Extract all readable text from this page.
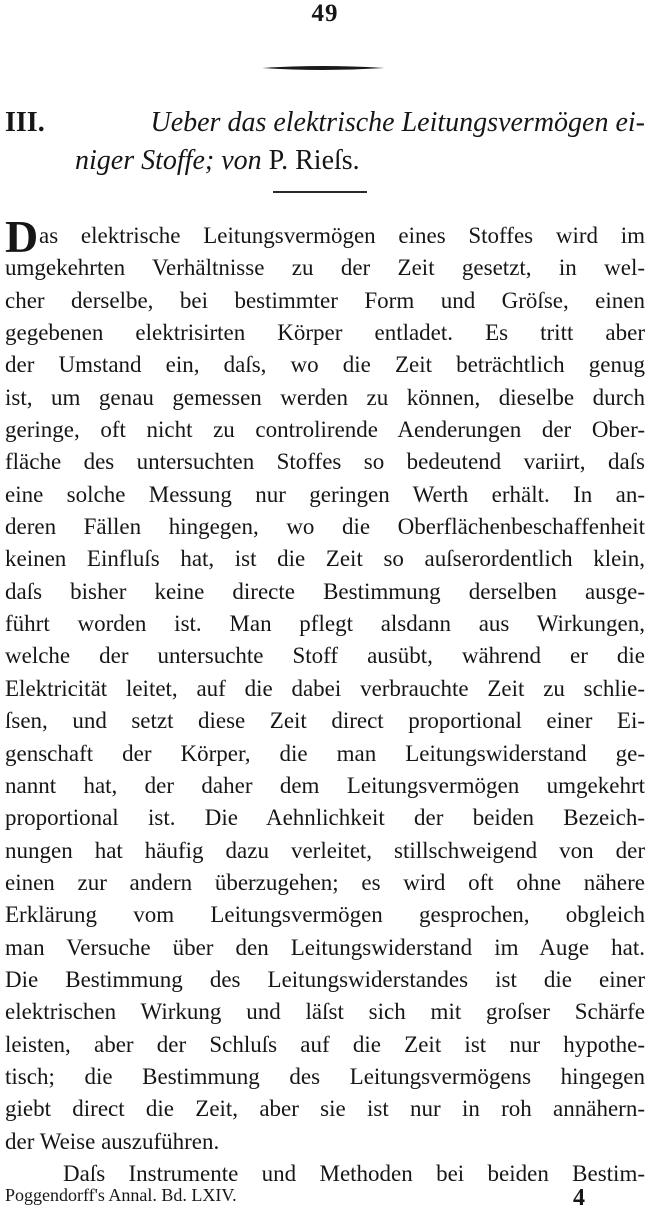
49
III.	Ueber das elektrische Leitungsvermögen ei-
niger Stoffe; von P. Rieſs.
D as elektrische Leitungsvermögen eines Stoffes wird im
umgekehrten Verhältnisse zu der Zeit gesetzt, in wel-
cher derselbe, bei bestimmter Form und Gröſse, einen
gegebenen elektrisirten Körper entladet. Es tritt aber
der Umstand ein, daſs, wo die Zeit beträchtlich genug
ist, um genau gemessen werden zu können, dieselbe durch
geringe, oft nicht zu controlirende Aenderungen der Ober-
fläche des untersuchten Stoffes so bedeutend variirt, daſs
eine solche Messung nur geringen Werth erhält. In an-
deren Fällen hingegen, wo die Oberflächenbeschaffenheit
keinen Einfluſs hat, ist die Zeit so auſserordentlich klein,
daſs bisher keine directe Bestimmung derselben ausge-
führt worden ist. Man pflegt alsdann aus Wirkungen,
welche der untersuchte Stoff ausübt, während er die
Elektricität leitet, auf die dabei verbrauchte Zeit zu schlie-
ſsen, und setzt diese Zeit direct proportional einer Ei-
genschaft der Körper, die man Leitungswiderstand ge-
nannt hat, der daher dem Leitungsvermögen umgekehrt
proportional ist. Die Aehnlichkeit der beiden Bezeich-
nungen hat häufig dazu verleitet, stillschweigend von der
einen zur andern überzugehen; es wird oft ohne nähere
Erklärung vom Leitungsvermögen gesprochen, obgleich
man Versuche über den Leitungswiderstand im Auge hat.
Die Bestimmung des Leitungswiderstandes ist die einer
elektrischen Wirkung und läſst sich mit groſser Schärfe
leisten, aber der Schluſs auf die Zeit ist nur hypothe-
tisch; die Bestimmung des Leitungsvermögens hingegen
giebt direct die Zeit, aber sie ist nur in roh annähern-
der Weise auszuführen.
Daſs Instrumente und Methoden bei beiden Bestim-
Poggendorff's Annal. Bd. LXIV.	4
